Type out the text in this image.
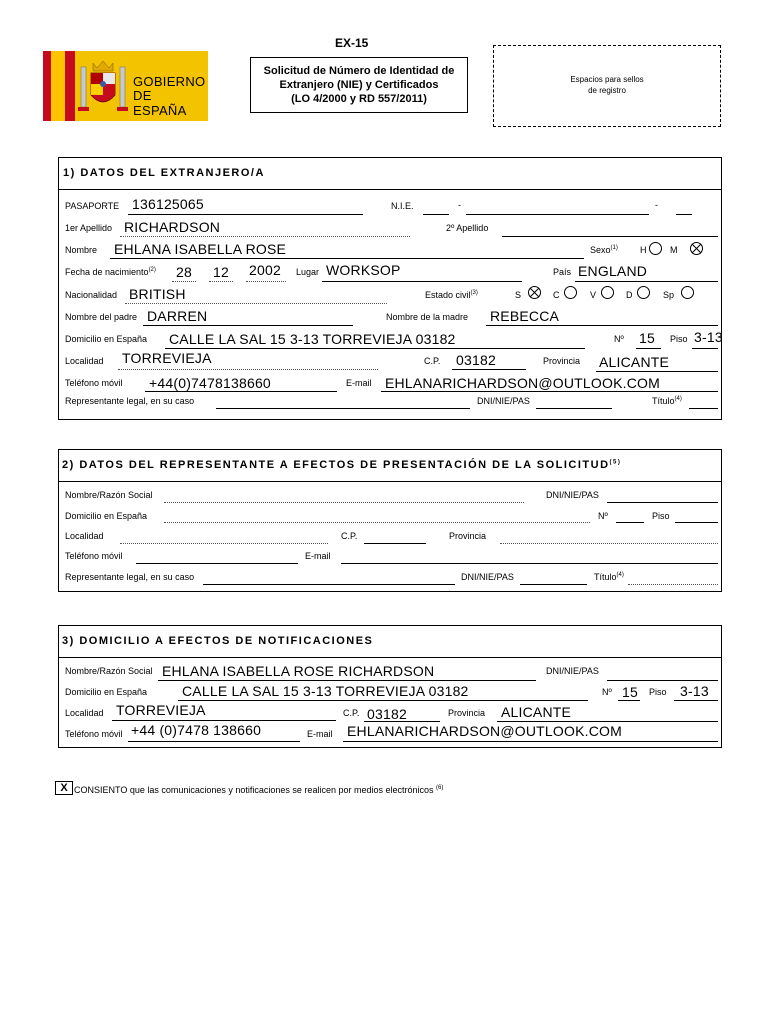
GOBIERNO
DE ESPAÑA
EX-15
Solicitud de Número de Identidad de
Extranjero (NIE) y Certificados
(LO 4/2000 y RD 557/2011)
Espacios para sellos
de registro
1) DATOS DEL EXTRANJERO/A
PASAPORTE 136125065	N.I.E.	-	-
1er Apellido RICHARDSON	2º Apellido
Nombre EHLANA ISABELLA ROSE	Sexo$^{(1)}$ H	M
Fecha de nacimiento$^{(2)}$ 28 12 2002 Lugar WORKSOP	País ENGLAND
Nacionalidad BRITISH	Estado civil$^{(3)}$	S	C	V	D	Sp
Nombre del padre DARREN	Nombre de la madre REBECCA
Domicilio en España CALLE LA SAL 15 3-13 TORREVIEJA 03182	Nº 15 Piso 3-13
Localidad TORREVIEJA	C.P. 03182	Provincia ALICANTE
Teléfono móvil +44(0)7478138660	E-mail EHLANARICHARDSON@OUTLOOK.COM
Representante legal, en su caso	DNI/NIE/PAS	Título$^{(4)}$
2) DATOS DEL REPRESENTANTE A EFECTOS DE PRESENTACIÓN DE LA SOLICITUD$^{(5)}$
Nombre/Razón Social	DNI/NIE/PAS
Domicilio en España	Nº	Piso
Localidad	C.P.	Provincia
Teléfono móvil	E-mail
Representante legal, en su caso	DNI/NIE/PAS	Título$^{(4)}$
3) DOMICILIO A EFECTOS DE NOTIFICACIONES
Nombre/Razón Social EHLANA ISABELLA ROSE RICHARDSON	DNI/NIE/PAS
Domicilio en España CALLE LA SAL 15 3-13 TORREVIEJA 03182	Nº 15 Piso 3-13
Localidad TORREVIEJA	C.P. 03182	Provincia ALICANTE
Teléfono móvil +44 (0)7478 138660	E-mail EHLANARICHARDSON@OUTLOOK.COM
X CONSIENTO que las comunicaciones y notificaciones se realicen por medios electrónicos $^{(6)}$
